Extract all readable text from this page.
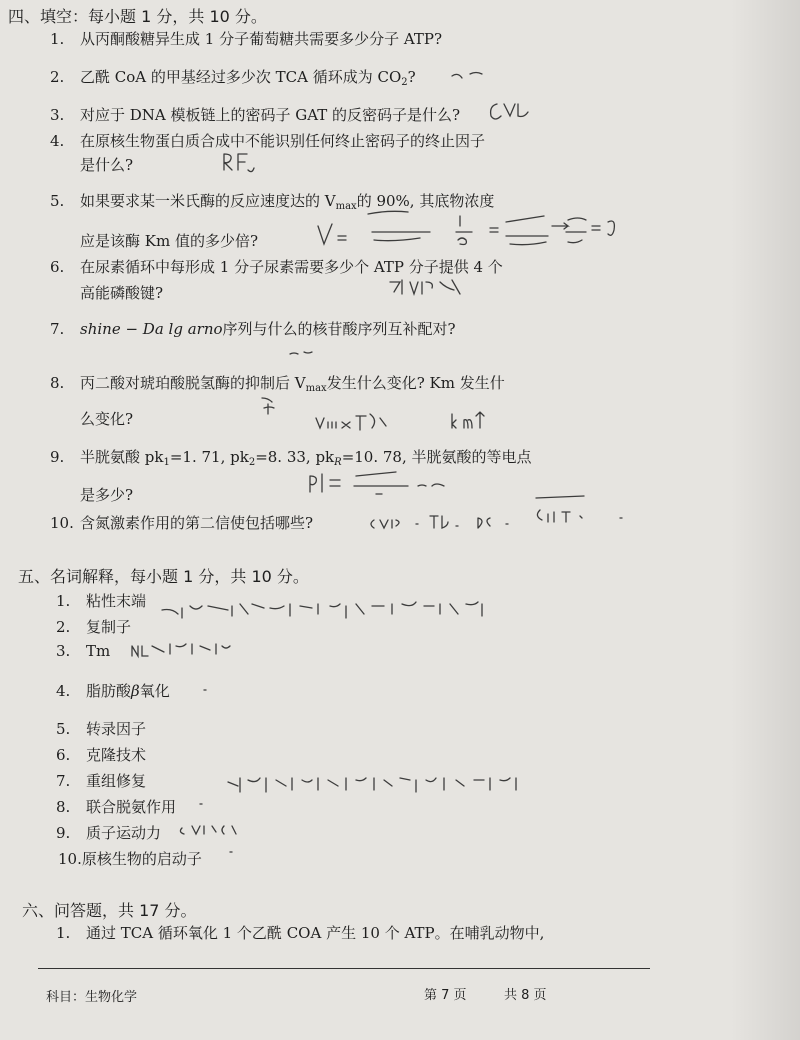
四、填空：每小题 1 分，共 10 分。
1. 从丙酮酸糖异生成 1 分子葡萄糖共需要多少分子 ATP?
2. 乙酰 CoA 的甲基经过多少次 TCA 循环成为 $CO_2$?
3. 对应于 DNA 模板链上的密码子 GAT 的反密码子是什么?
4. 在原核生物蛋白质合成中不能识别任何终止密码子的终止因子
是什么?
5. 如果要求某一米氏酶的反应速度达的 $V_{max}$的 90%, 其底物浓度
应是该酶 Km 值的多少倍?
6. 在尿素循环中每形成 1 分子尿素需要多少个 ATP 分子提供 4 个
高能磷酸键?
7. shine − Da lg arno序列与什么的核苷酸序列互补配对?
8. 丙二酸对琥珀酸脱氢酶的抑制后 $V_{max}$发生什么变化? Km 发生什
么变化?
9. 半胱氨酸 $pk_1=1$. 71, $pk_2=8$. 33, $pk_R=10$. 78, 半胱氨酸的等电点
是多少?
10. 含氮激素作用的第二信使包括哪些?
五、名词解释，每小题 1 分，共 10 分。
1. 粘性末端
2. 复制子
3. Tm
4. 脂肪酸β氧化
5. 转录因子
6. 克隆技术
7. 重组修复
8. 联合脱氨作用
9. 质子运动力
10.原核生物的启动子
六、问答题，共 17 分。
1. 通过 TCA 循环氧化 1 个乙酰 COA 产生 10 个 ATP。在哺乳动物中,
科目：生物化学	第 7 页	共 8 页
